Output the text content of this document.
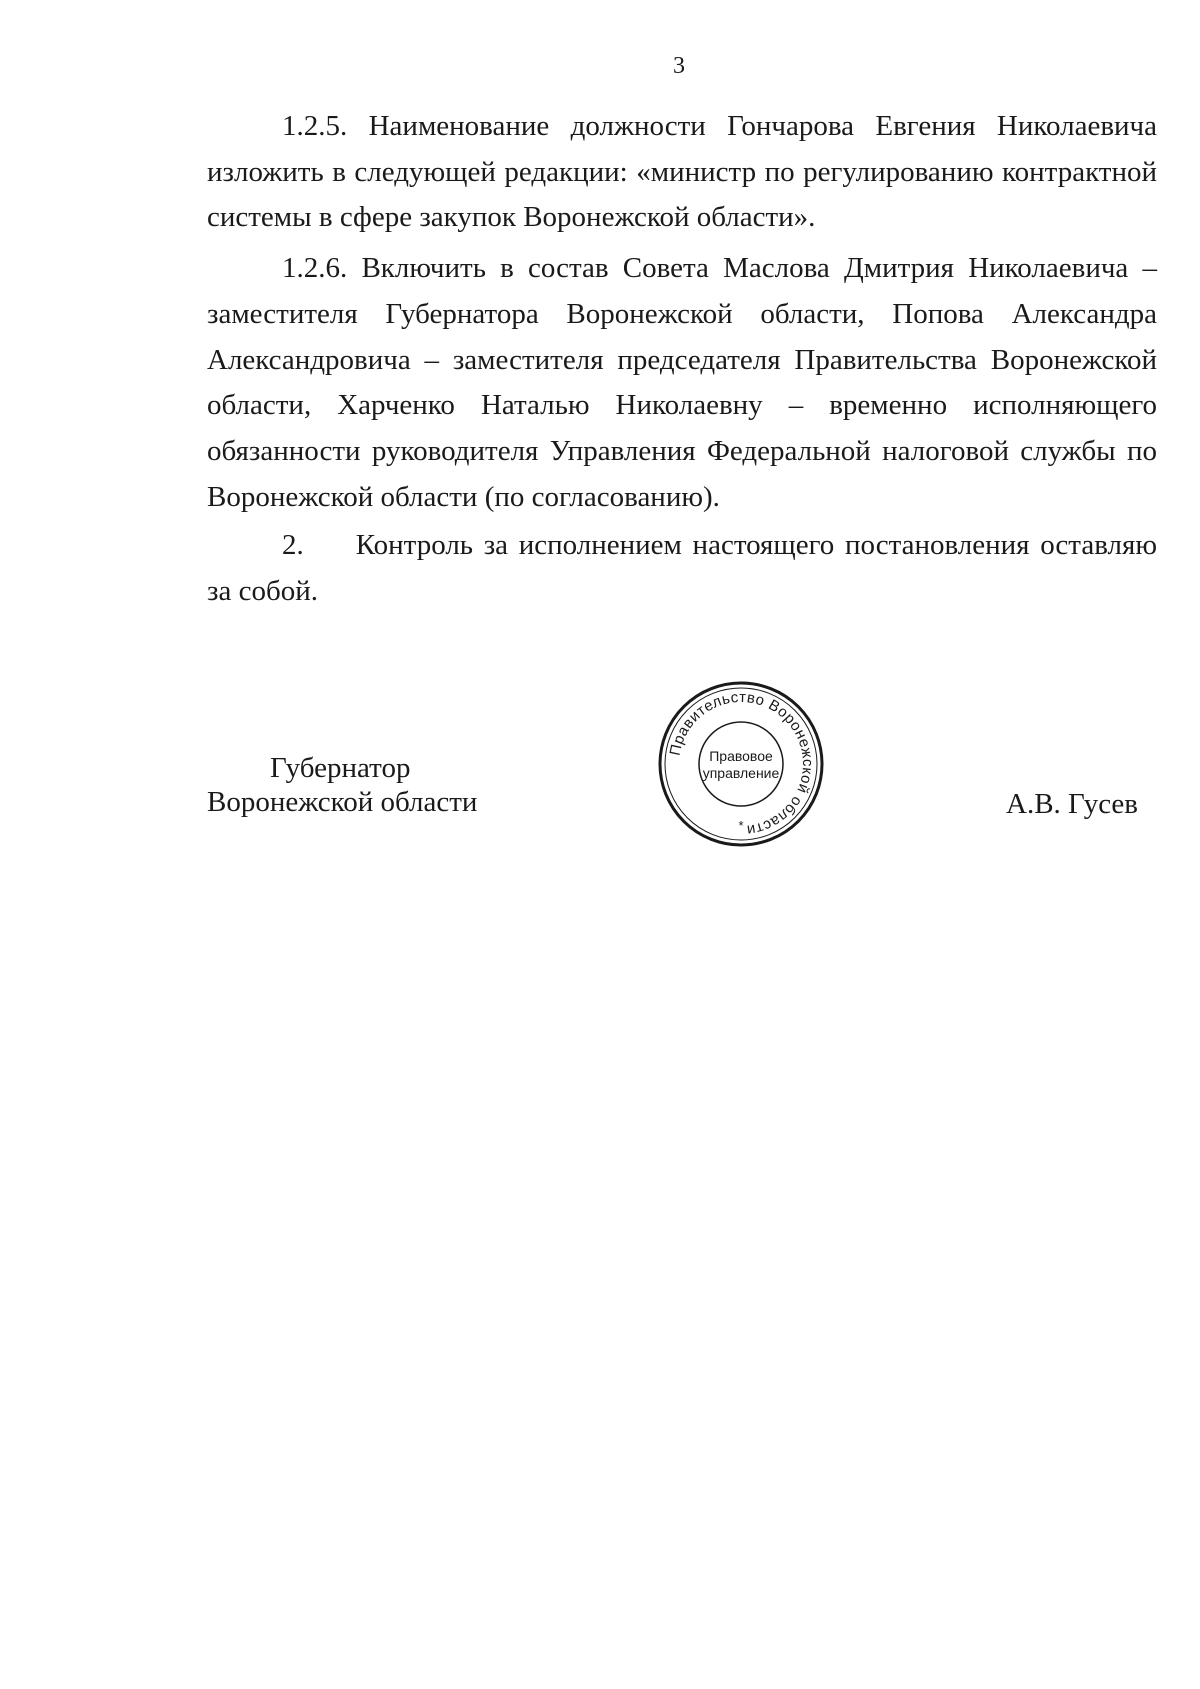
3

1.2.5. Наименование должности Гончарова Евгения Николаевича изложить в следующей редакции: «министр по регулированию контрактной системы в сфере закупок Воронежской области».

1.2.6. Включить в состав Совета Маслова Дмитрия Николаевича – заместителя Губернатора Воронежской области, Попова Александра Александровича – заместителя председателя Правительства Воронежской области, Харченко Наталью Николаевну – временно исполняющего обязанности руководителя Управления Федеральной налоговой службы по Воронежской области (по согласованию).

2. Контроль за исполнением настоящего постановления оставляю за собой.

Губернатор
Воронежской области
Правительство Воронежской области
Правовое
управление
*
А.В. Гусев
